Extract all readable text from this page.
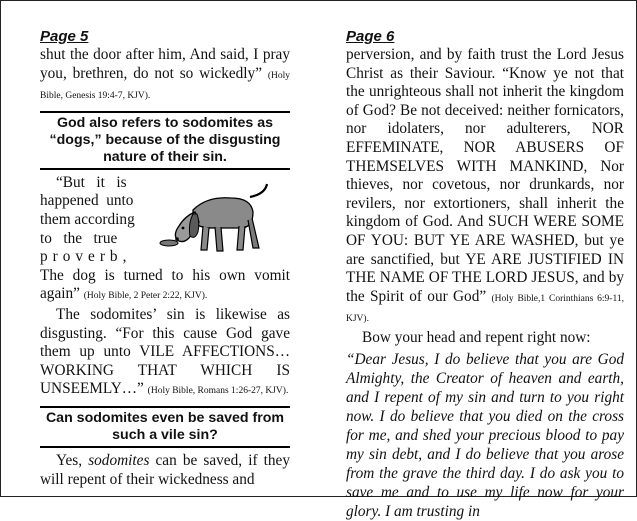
Page 5

shut the door after him, And said, I pray you, brethren, do not so wickedly” (Holy Bible, Genesis 19:4-7, KJV).

God also refers to sodomites as “dogs,” because of the disgusting nature of their sin.
“But   it   is
happened  unto
them according
to   the   true
proverb,

The dog is turned to his own vomit again” (Holy Bible, 2 Peter 2:22, KJV).

The sodomites’ sin is likewise as disgusting. “For this cause God gave them up unto VILE AFFECTIONS… WORKING THAT WHICH IS UNSEEMLY…” (Holy Bible, Romans 1:26-27, KJV).

Can sodomites even be saved from such a vile sin?

Yes, sodomites can be saved, if they will repent of their wickedness and

Page 6

perversion, and by faith trust the Lord Jesus Christ as their Saviour. “Know ye not that the unrighteous shall not inherit the kingdom of God? Be not deceived: neither fornicators, nor idolaters, nor adulterers, NOR EFFEMINATE, NOR ABUSERS OF THEMSELVES WITH MANKIND, Nor thieves, nor covetous, nor drunkards, nor revilers, nor extortioners, shall inherit the kingdom of God. And SUCH WERE SOME OF YOU: BUT YE ARE WASHED, but ye are sanctified, but YE ARE JUSTIFIED IN THE NAME OF THE LORD JESUS, and by the Spirit of our God” (Holy Bible,1 Corinthians 6:9-11, KJV).

Bow your head and repent right now:

“Dear Jesus, I do believe that you are God Almighty, the Creator of heaven and earth, and I repent of my sin and turn to you right now. I do believe that you died on the cross for me, and shed your precious blood to pay my sin debt, and I do believe that you arose from the grave the third day. I do ask you to save me and to use my life now for your glory. I am trusting in
